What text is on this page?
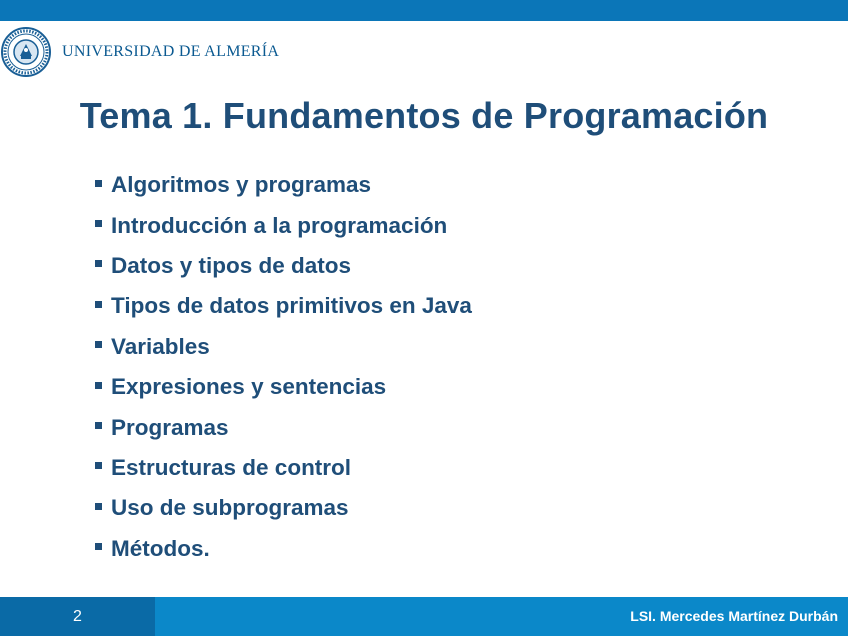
UNIVERSIDAD DE ALMERÍA
Tema 1. Fundamentos de Programación
Algoritmos y programas
Introducción a la programación
Datos y tipos de datos
Tipos de datos primitivos en Java
Variables
Expresiones y sentencias
Programas
Estructuras de control
Uso de subprogramas
Métodos.
2	LSI. Mercedes Martínez Durbán
